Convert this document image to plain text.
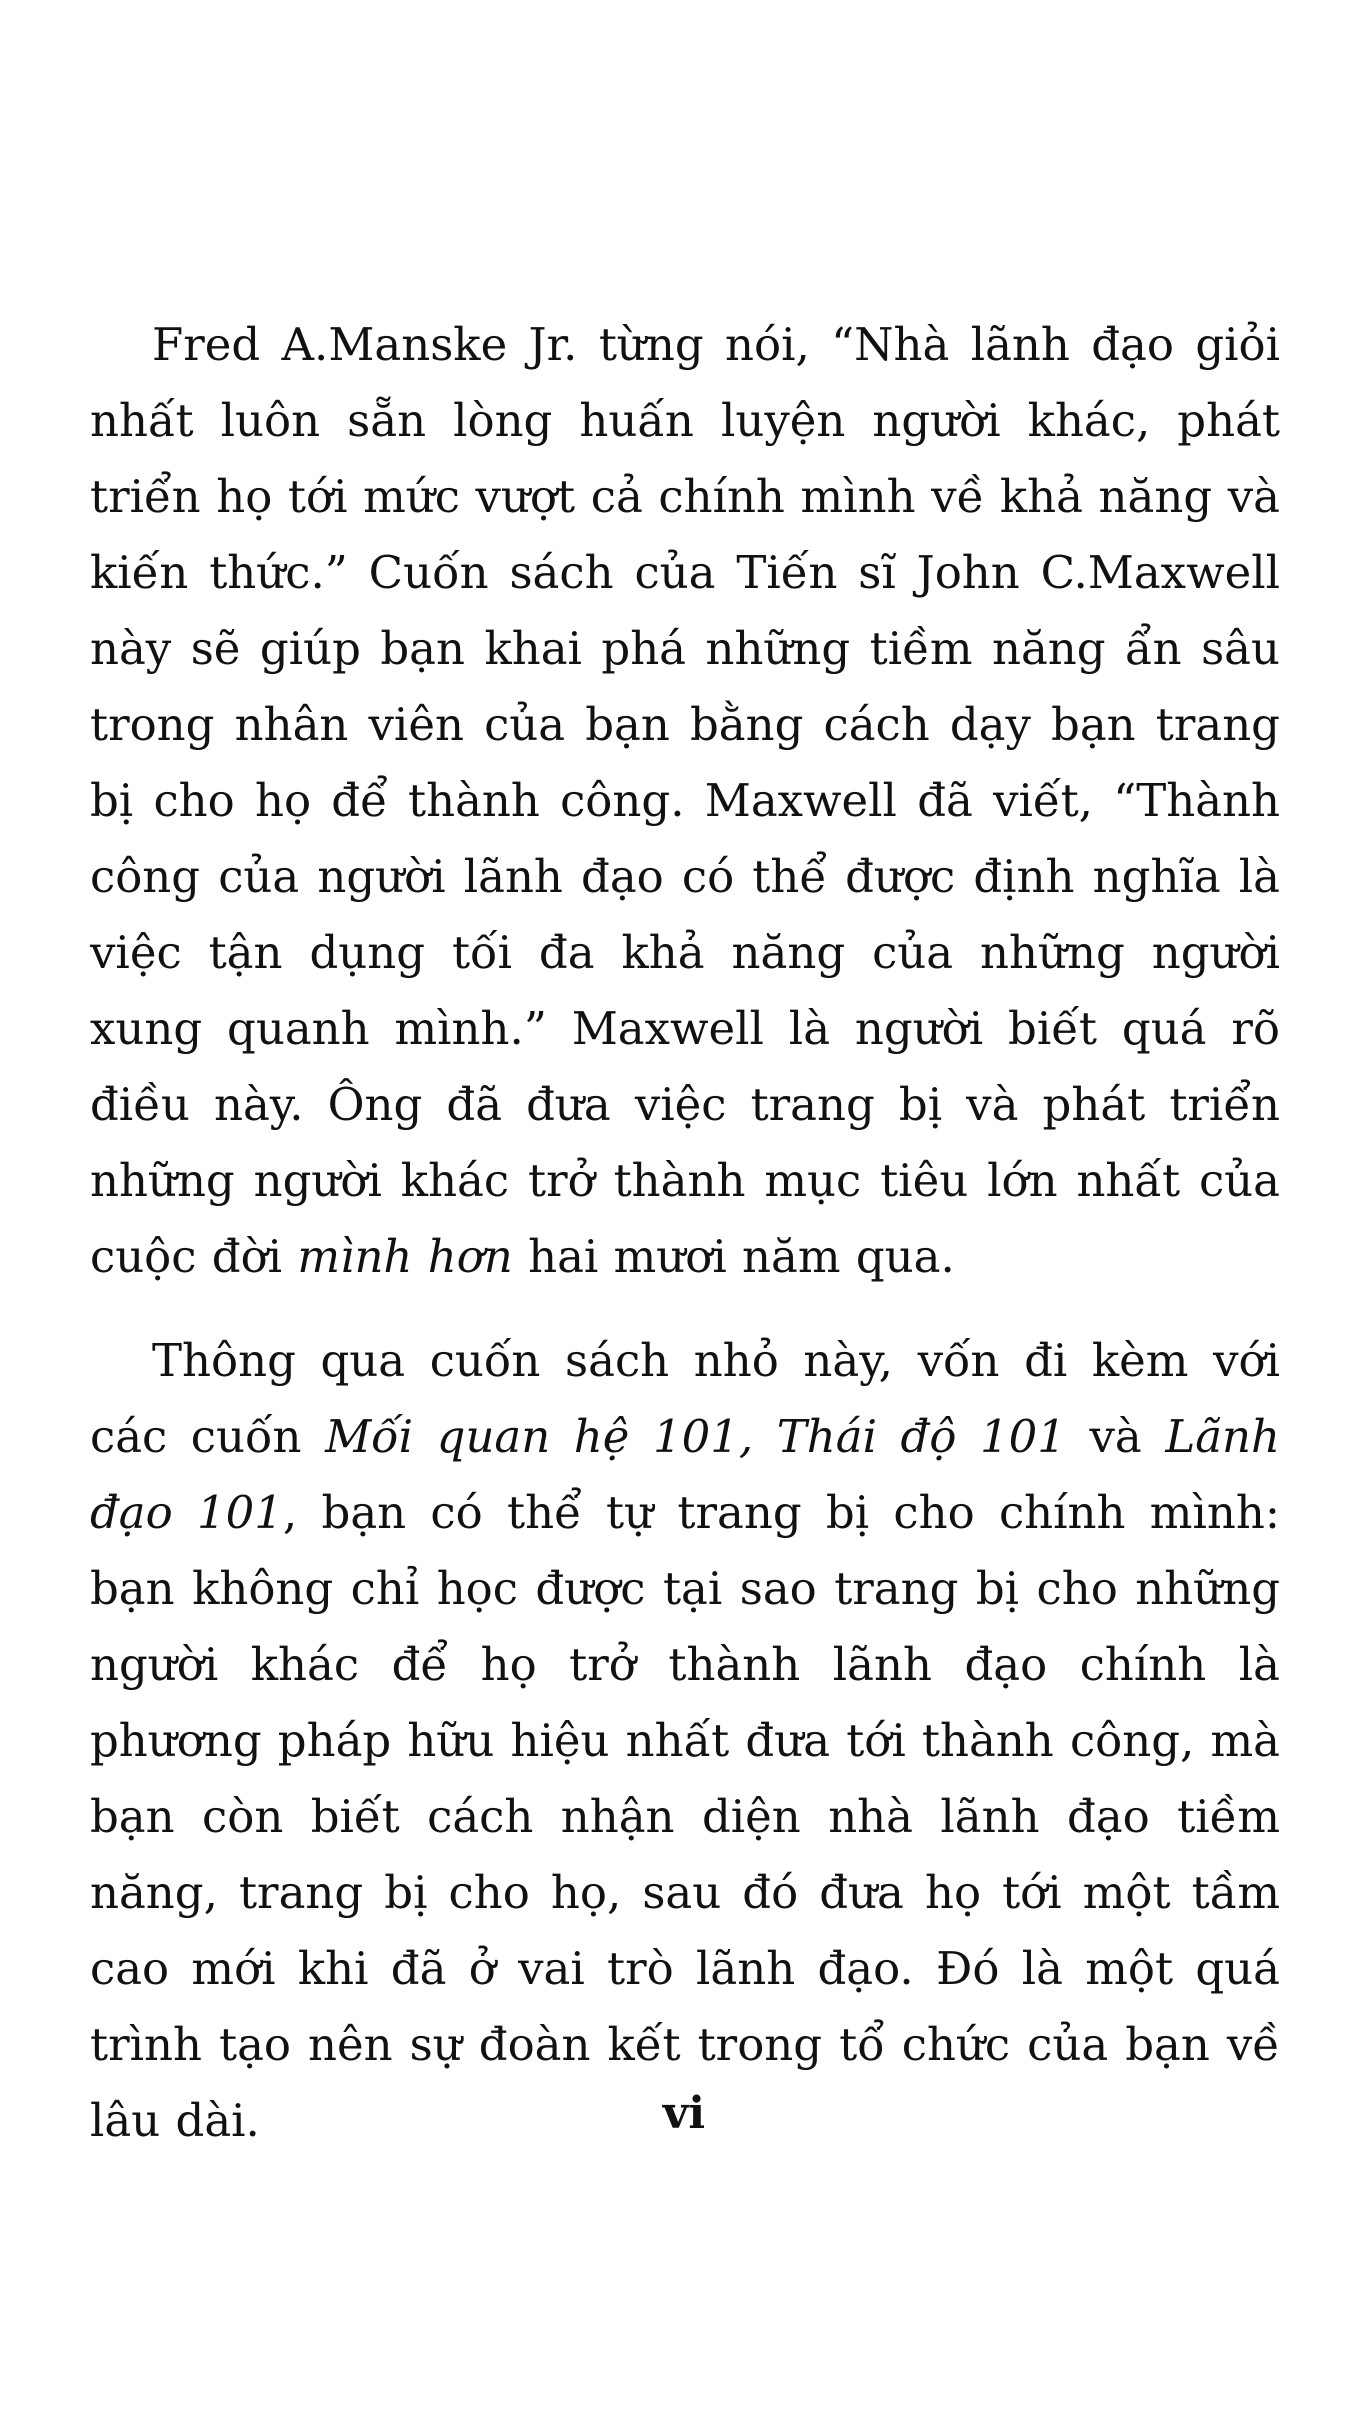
Fred A.Manske Jr. từng nói, “Nhà lãnh đạo giỏi nhất luôn sẵn lòng huấn luyện người khác, phát triển họ tới mức vượt cả chính mình về khả năng và kiến thức.” Cuốn sách của Tiến sĩ John C.Maxwell này sẽ giúp bạn khai phá những tiềm năng ẩn sâu trong nhân viên của bạn bằng cách dạy bạn trang bị cho họ để thành công. Maxwell đã viết, “Thành công của người lãnh đạo có thể được định nghĩa là việc tận dụng tối đa khả năng của những người xung quanh mình.” Maxwell là người biết quá rõ điều này. Ông đã đưa việc trang bị và phát triển những người khác trở thành mục tiêu lớn nhất của cuộc đời mình hơn hai mươi năm qua.

Thông qua cuốn sách nhỏ này, vốn đi kèm với các cuốn Mối quan hệ 101, Thái độ 101 và Lãnh đạo 101, bạn có thể tự trang bị cho chính mình: bạn không chỉ học được tại sao trang bị cho những người khác để họ trở thành lãnh đạo chính là phương pháp hữu hiệu nhất đưa tới thành công, mà bạn còn biết cách nhận diện nhà lãnh đạo tiềm năng, trang bị cho họ, sau đó đưa họ tới một tầm cao mới khi đã ở vai trò lãnh đạo. Đó là một quá trình tạo nên sự đoàn kết trong tổ chức của bạn về lâu dài.	vi
